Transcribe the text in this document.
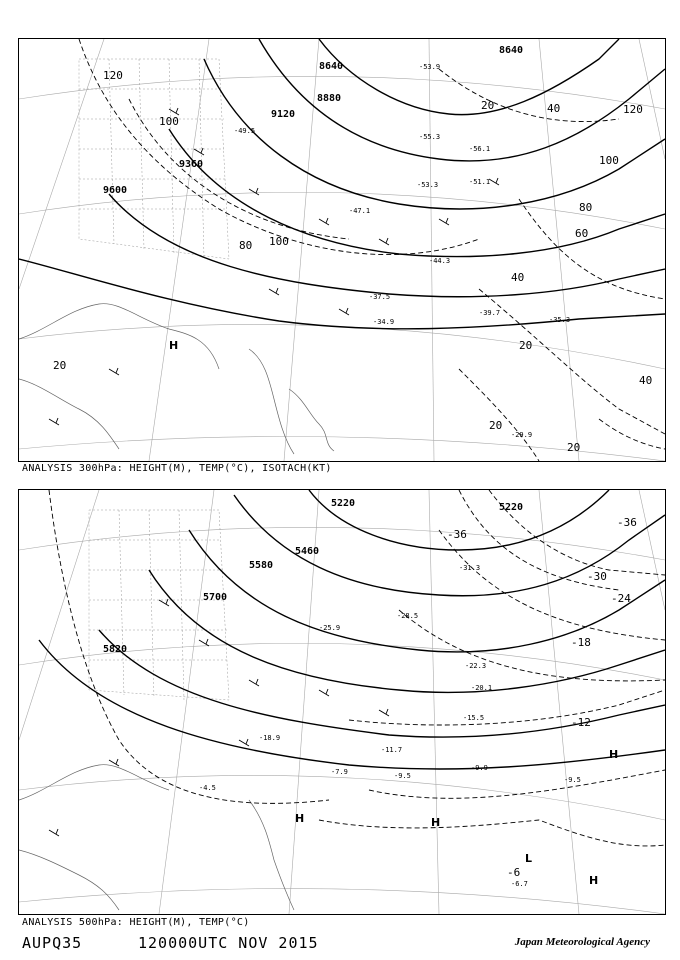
8640
8640
8880
9120
9360
9600
120
100
80 100
20	40	120
100
80
60
40
20
20
40
20
20
-49.5
-53.9
-55.3
-53.3
-47.1
-44.3
-37.5
-34.9
-39.7
-35.3
-29.9
-51.1
-56.1
H
ANALYSIS 300hPa: HEIGHT(M), TEMP(°C), ISOTACH(KT)
5220	5220
5460
5580
5700
5820
-36
-36
-30
-24
-18
-12
-6
-31.3
-28.5
-25.9
-22.3
-20.1
-15.5
-11.7
-9.5
-9.9
-7.9
-4.5
-6.7
-9.5
-18.9
H
H	H
H
L
ANALYSIS 500hPa: HEIGHT(M), TEMP(°C)
AUPQ35	120000UTC NOV 2015	Japan Meteorological Agency
